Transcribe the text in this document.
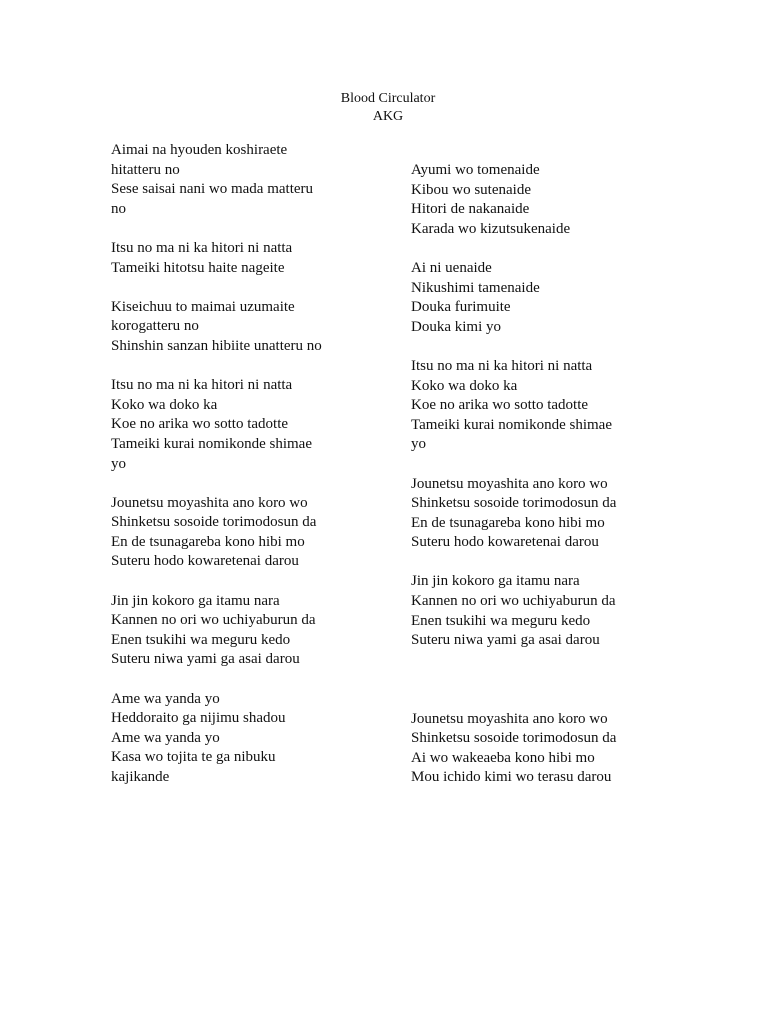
Blood Circulator
AKG
Aimai na hyouden koshiraete
hitatteru no
Sese saisai nani wo mada matteru
no
Itsu no ma ni ka hitori ni natta
Tameiki hitotsu haite nageite
Kiseichuu to maimai uzumaite
korogatteru no
Shinshin sanzan hibiite unatteru no
Itsu no ma ni ka hitori ni natta
Koko wa doko ka
Koe no arika wo sotto tadotte
Tameiki kurai nomikonde shimae
yo
Jounetsu moyashita ano koro wo
Shinketsu sosoide torimodosun da
En de tsunagareba kono hibi mo
Suteru hodo kowaretenai darou
Jin jin kokoro ga itamu nara
Kannen no ori wo uchiyaburun da
Enen tsukihi wa meguru kedo
Suteru niwa yami ga asai darou
Ame wa yanda yo
Heddoraito ga nijimu shadou
Ame wa yanda yo
Kasa wo tojita te ga nibuku
kajikande
Ayumi wo tomenaide
Kibou wo sutenaide
Hitori de nakanaide
Karada wo kizutsukenaide
Ai ni uenaide
Nikushimi tamenaide
Douka furimuite
Douka kimi yo
Itsu no ma ni ka hitori ni natta
Koko wa doko ka
Koe no arika wo sotto tadotte
Tameiki kurai nomikonde shimae
yo
Jounetsu moyashita ano koro wo
Shinketsu sosoide torimodosun da
En de tsunagareba kono hibi mo
Suteru hodo kowaretenai darou
Jin jin kokoro ga itamu nara
Kannen no ori wo uchiyaburun da
Enen tsukihi wa meguru kedo
Suteru niwa yami ga asai darou
Jounetsu moyashita ano koro wo
Shinketsu sosoide torimodosun da
Ai wo wakeaeba kono hibi mo
Mou ichido kimi wo terasu darou
